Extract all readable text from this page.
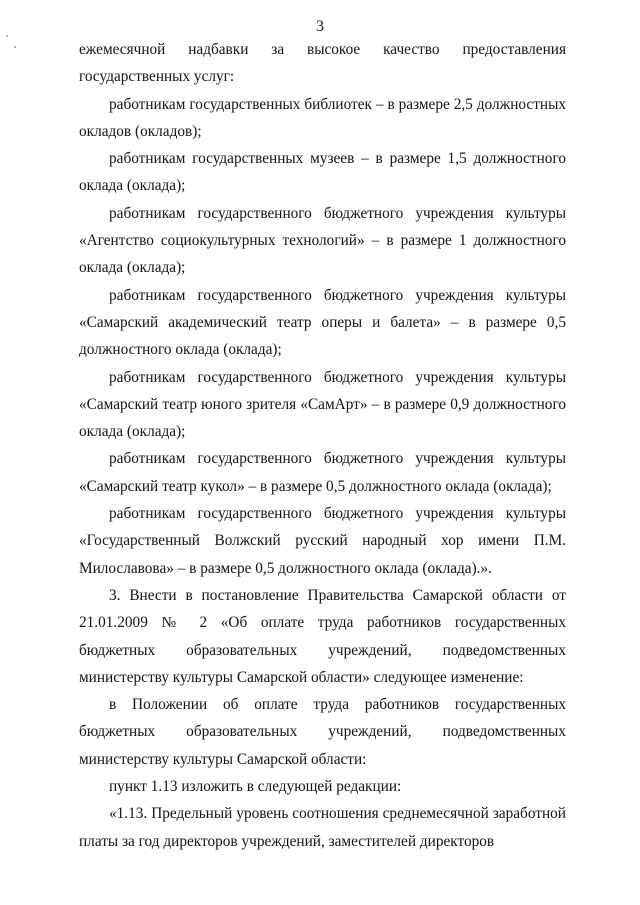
3

ежемесячной надбавки за высокое качество предоставления государственных услуг:

работникам государственных библиотек – в размере 2,5 должностных окладов (окладов);

работникам государственных музеев – в размере 1,5 должностного оклада (оклада);

работникам государственного бюджетного учреждения культуры «Агентство социокультурных технологий» – в размере 1 должностного оклада (оклада);

работникам государственного бюджетного учреждения культуры «Самарский академический театр оперы и балета» – в размере 0,5 должностного оклада (оклада);

работникам государственного бюджетного учреждения культуры «Самарский театр юного зрителя «СамАрт» – в размере 0,9 должностного оклада (оклада);

работникам государственного бюджетного учреждения культуры «Самарский театр кукол» – в размере 0,5 должностного оклада (оклада);

работникам государственного бюджетного учреждения культуры «Государственный Волжский русский народный хор имени П.М. Милославова» – в размере 0,5 должностного оклада (оклада).».

3. Внести в постановление Правительства Самарской области от 21.01.2009 № 2 «Об оплате труда работников государственных бюджетных образовательных учреждений, подведомственных министерству культуры Самарской области» следующее изменение:

в Положении об оплате труда работников государственных бюджетных образовательных учреждений, подведомственных министерству культуры Самарской области:

пункт 1.13 изложить в следующей редакции:

«1.13. Предельный уровень соотношения среднемесячной заработной платы за год директоров учреждений, заместителей директоров
